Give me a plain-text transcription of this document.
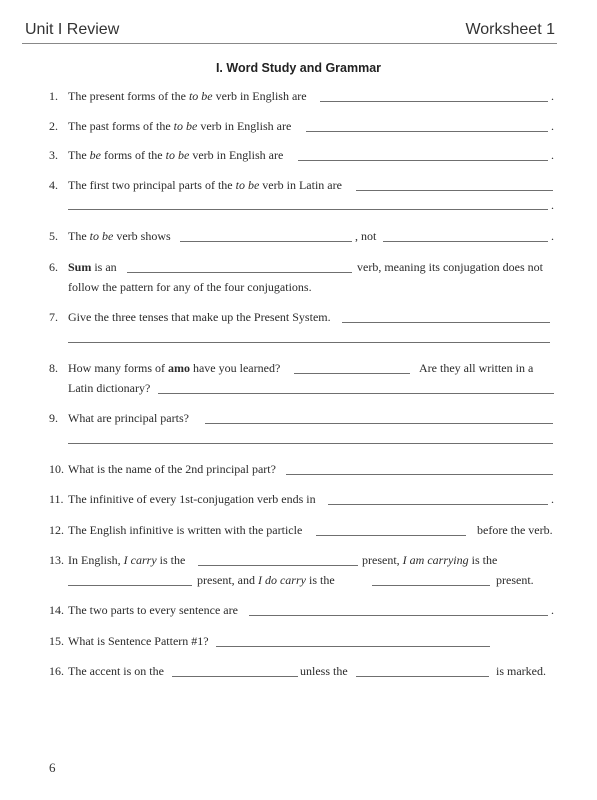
Unit I Review	Worksheet 1
I. Word Study and Grammar
1. The present forms of the to be verb in English are	.
2. The past forms of the to be verb in English are	.
3. The be forms of the to be verb in English are	.
4. The first two principal parts of the to be verb in Latin are
.
5. The to be verb shows	, not	.
6. Sum is an	verb, meaning its conjugation does not
follow the pattern for any of the four conjugations.
7. Give the three tenses that make up the Present System.
8. How many forms of amo have you learned?	Are they all written in a
Latin dictionary?
9. What are principal parts?
10. What is the name of the 2nd principal part?
11. The infinitive of every 1st-conjugation verb ends in	.
12. The English infinitive is written with the particle	before the verb.
13. In English, I carry is the	present, I am carrying is the
present, and I do carry is the	present.
14. The two parts to every sentence are	.
15. What is Sentence Pattern #1?
16. The accent is on the	unless the	is marked.
6
